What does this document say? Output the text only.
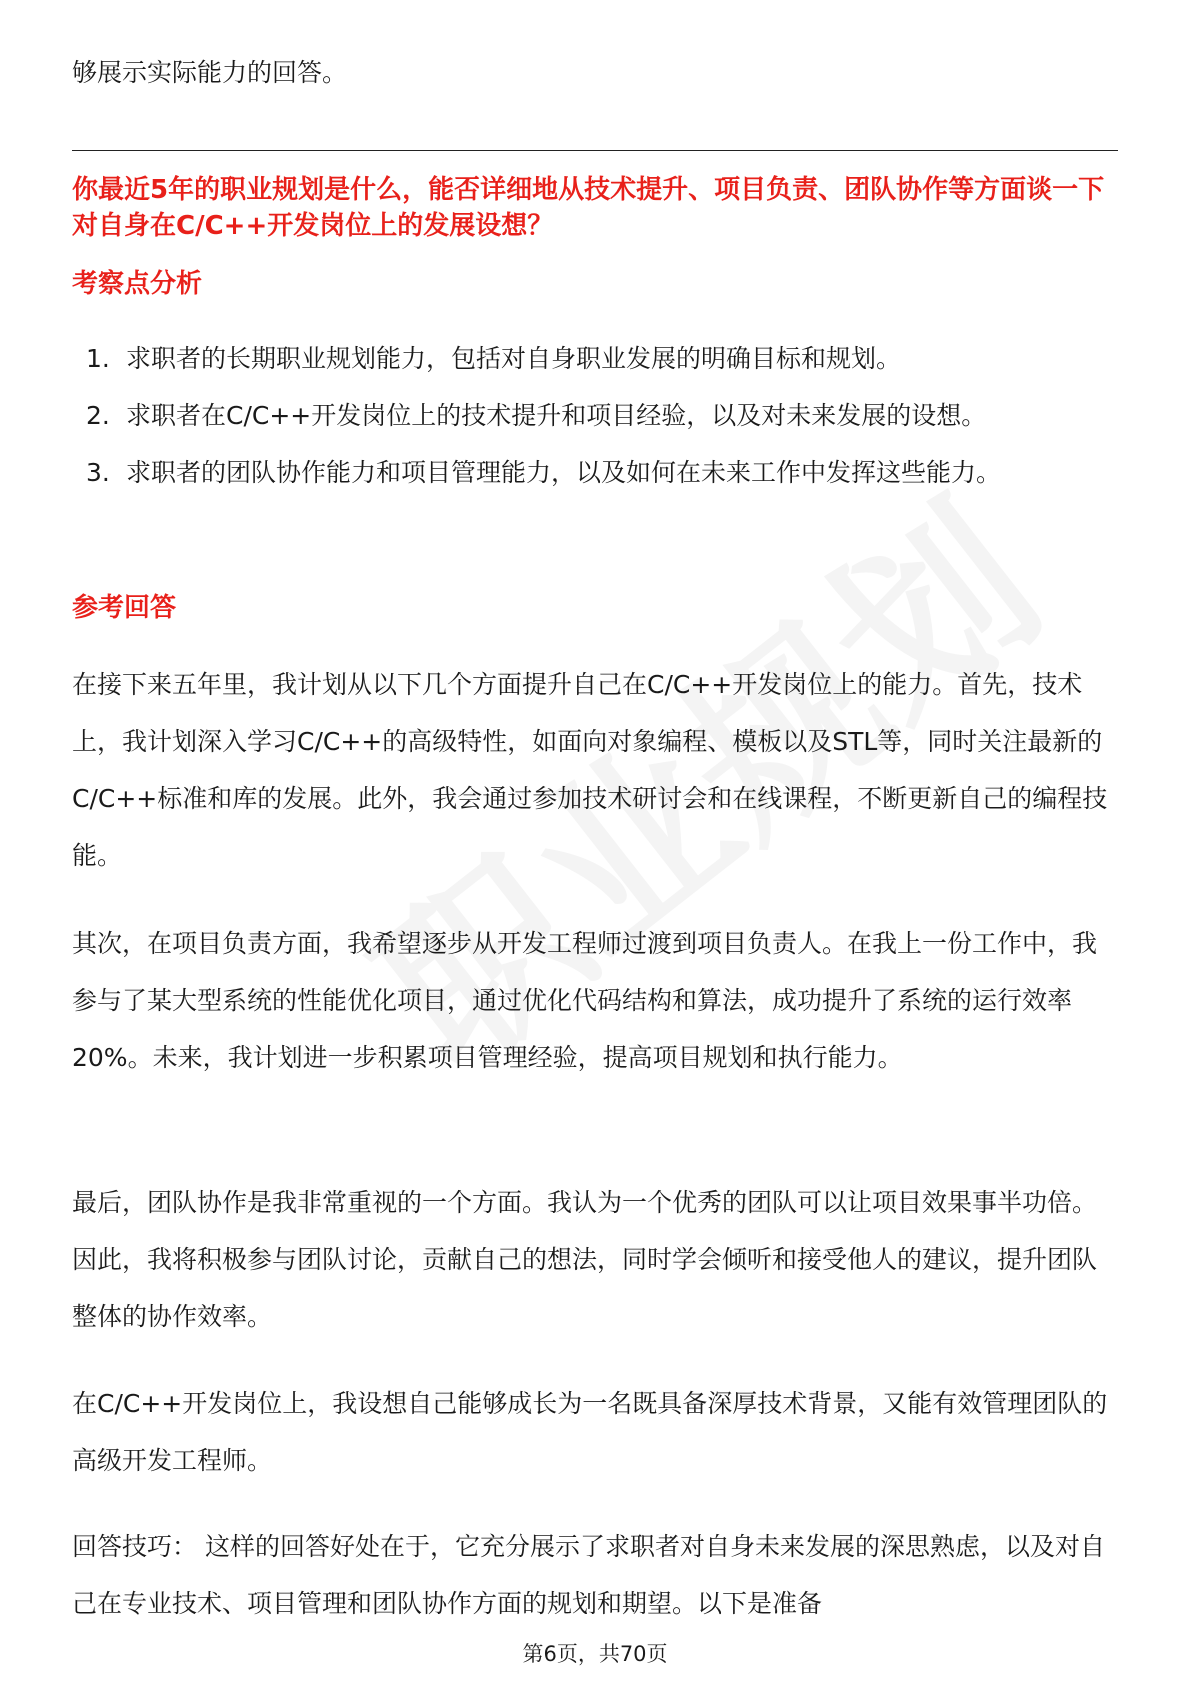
够展示实际能力的回答。
你最近5年的职业规划是什么，能否详细地从技术提升、项目负责、团队协作等方面谈一下对自身在C/C++开发岗位上的发展设想？
考察点分析
1. 求职者的长期职业规划能力，包括对自身职业发展的明确目标和规划。
2. 求职者在C/C++开发岗位上的技术提升和项目经验，以及对未来发展的设想。
3. 求职者的团队协作能力和项目管理能力，以及如何在未来工作中发挥这些能力。
参考回答
在接下来五年里，我计划从以下几个方面提升自己在C/C++开发岗位上的能力。首先，技术上，我计划深入学习C/C++的高级特性，如面向对象编程、模板以及STL等，同时关注最新的C/C++标准和库的发展。此外，我会通过参加技术研讨会和在线课程，不断更新自己的编程技能。
其次，在项目负责方面，我希望逐步从开发工程师过渡到项目负责人。在我上一份工作中，我参与了某大型系统的性能优化项目，通过优化代码结构和算法，成功提升了系统的运行效率20%。未来，我计划进一步积累项目管理经验，提高项目规划和执行能力。
最后，团队协作是我非常重视的一个方面。我认为一个优秀的团队可以让项目效果事半功倍。因此，我将积极参与团队讨论，贡献自己的想法，同时学会倾听和接受他人的建议，提升团队整体的协作效率。
在C/C++开发岗位上，我设想自己能够成长为一名既具备深厚技术背景，又能有效管理团队的高级开发工程师。
回答技巧： 这样的回答好处在于，它充分展示了求职者对自身未来发展的深思熟虑，以及对自己在专业技术、项目管理和团队协作方面的规划和期望。以下是准备
第6页，共70页
